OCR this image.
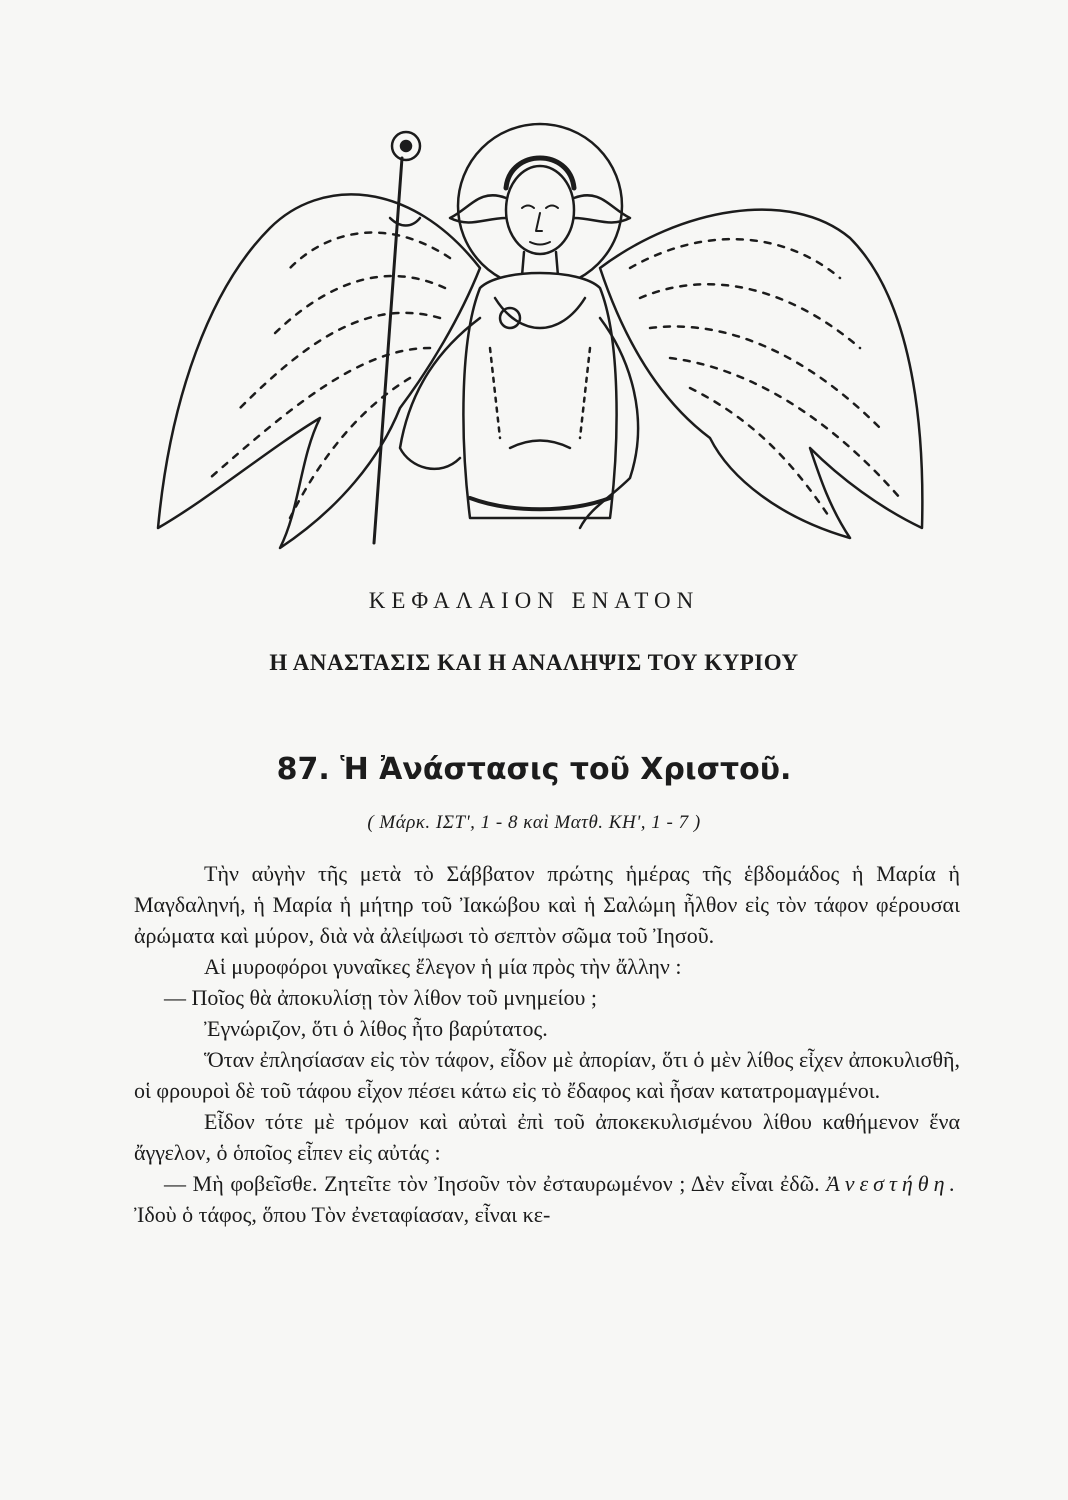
ΚΕΦΑΛΑΙΟΝ ΕΝΑΤΟΝ
Η ΑΝΑΣΤΑΣΙΣ ΚΑΙ Η ΑΝΑΛΗΨΙΣ ΤΟΥ ΚΥΡΙΟΥ
87. Ἡ Ἀνάστασις τοῦ Χριστοῦ.
( Μάρκ. ΙΣΤ', 1 - 8 καὶ Ματθ. ΚΗ', 1 - 7 )

Τὴν αὐγὴν τῆς μετὰ τὸ Σάββατον πρώτης ἡμέρας τῆς ἑβδομάδος ἡ Μαρία ἡ Μαγδαληνή, ἡ Μαρία ἡ μήτηρ τοῦ Ἰακώβου καὶ ἡ Σαλώμη ἦλθον εἰς τὸν τάφον φέρουσαι ἀρώματα καὶ μύρον, διὰ νὰ ἀλείψωσι τὸ σεπτὸν σῶμα τοῦ Ἰησοῦ.

Αἱ μυροφόροι γυναῖκες ἔλεγον ἡ μία πρὸς τὴν ἄλλην :

— Ποῖος θὰ ἀποκυλίσῃ τὸν λίθον τοῦ μνημείου ;

Ἐγνώριζον, ὅτι ὁ λίθος ἦτο βαρύτατος.

Ὅταν ἐπλησίασαν εἰς τὸν τάφον, εἶδον μὲ ἀπορίαν, ὅτι ὁ μὲν λίθος εἶχεν ἀποκυλισθῆ, οἱ φρουροὶ δὲ τοῦ τάφου εἶχον πέσει κάτω εἰς τὸ ἔδαφος καὶ ἦσαν κατατρομαγμένοι.

Εἶδον τότε μὲ τρόμον καὶ αὐταὶ ἐπὶ τοῦ ἀποκεκυλισμένου λίθου καθήμενον ἕνα ἄγγελον, ὁ ὁποῖος εἶπεν εἰς αὐτάς :

— Μὴ φοβεῖσθε. Ζητεῖτε τὸν Ἰησοῦν τὸν ἐσταυρωμένον ; Δὲν εἶναι ἐδῶ. Ἀνεστήθη. Ἰδοὺ ὁ τάφος, ὅπου Τὸν ἐνεταφίασαν, εἶναι κε-
